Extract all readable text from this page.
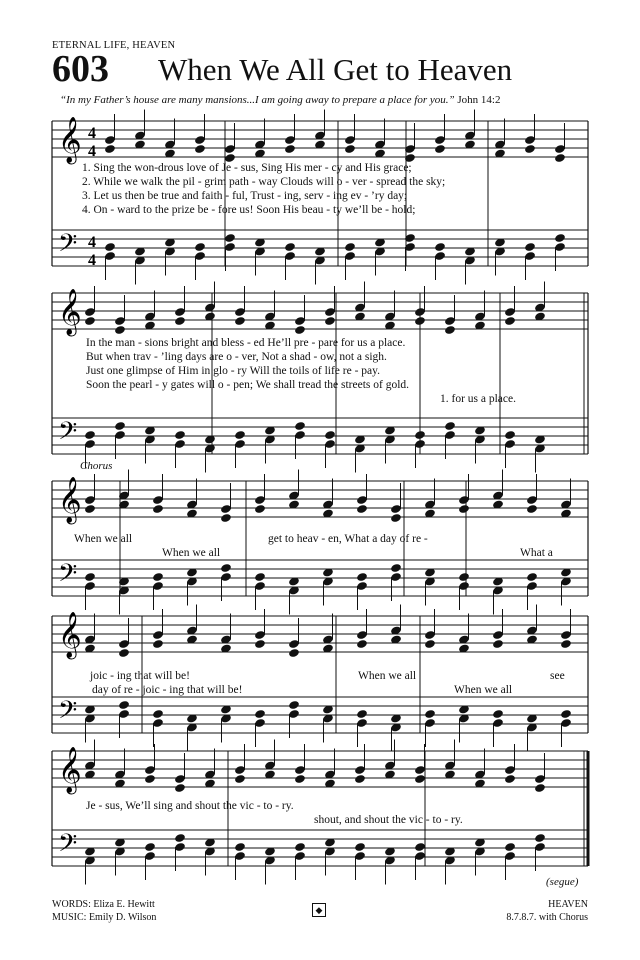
ETERNAL LIFE, HEAVEN
603 When We All Get to Heaven
“In my Father’s house are many mansions...I am going away to prepare a place for you.” John 14:2
𝄞
𝄢
4
4
4
4
𝄞
𝄢
𝄞
𝄢
𝄞
𝄢
𝄞
𝄢
1. Sing the won-drous love of Je - sus, Sing His mer - cy and His grace;
2. While we walk the pil - grim path - way Clouds will o - ver - spread the sky;
3. Let us then be true and faith - ful, Trust - ing, serv - ing ev - ’ry day;
4. On - ward to the prize be - fore us! Soon His beau - ty we’ll be - hold;
In the man - sions bright and bless - ed He’ll pre - pare for us a place.
But when trav - ’ling days are o - ver, Not a shad - ow, not a sigh.
Just one glimpse of Him in glo - ry Will the toils of life re - pay.
Soon the pearl - y gates will o - pen; We shall tread the streets of gold.
1. for us a place.
Chorus
When we all	get to heav - en, What a day of re -
When we all	What a
joic - ing that will be!	When we all	see
day of re - joic - ing that will be!	When we all
Je - sus, We’ll sing and shout the vic - to - ry.
shout, and shout the vic - to - ry.
(segue)
WORDS: Eliza E. Hewitt
MUSIC: Emily D. Wilson
◆	HEAVEN
8.7.8.7. with Chorus
